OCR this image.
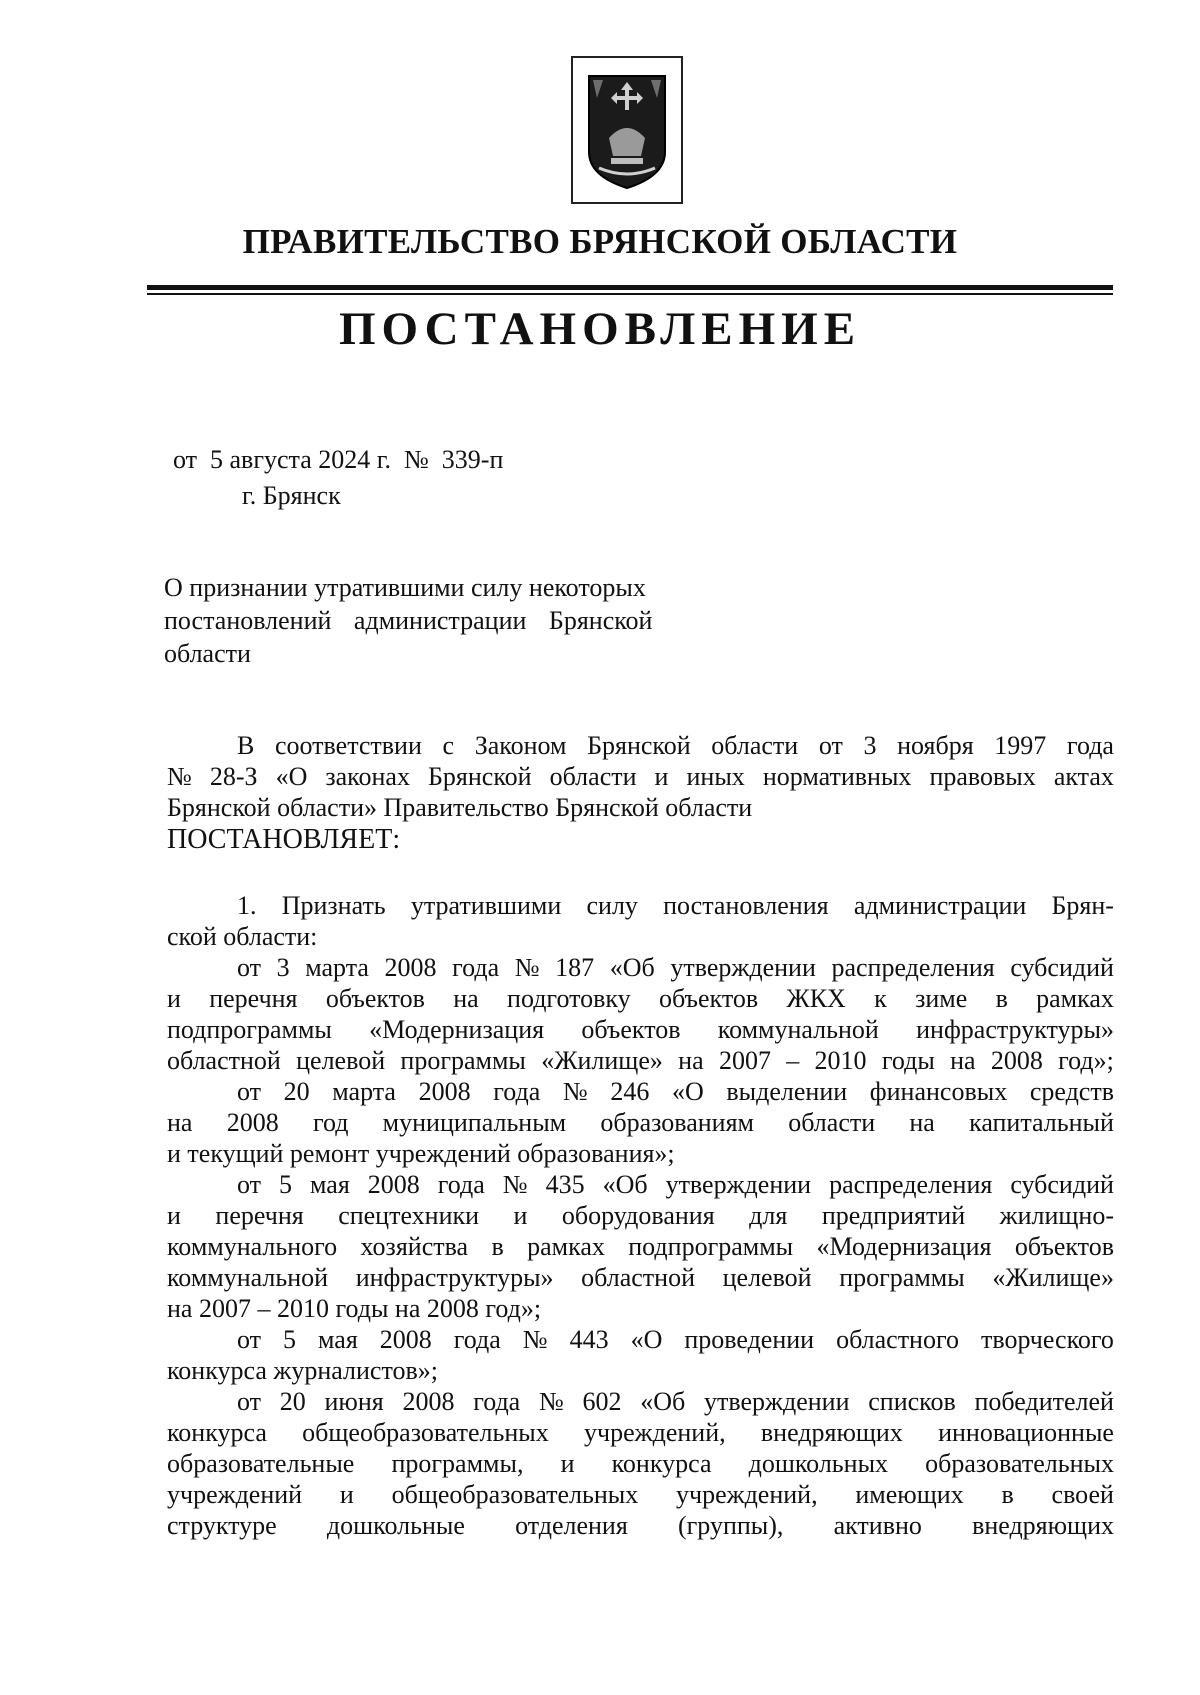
ПРАВИТЕЛЬСТВО БРЯНСКОЙ ОБЛАСТИ
ПОСТАНОВЛЕНИЕ
от  5 августа 2024 г.  №  339-п
г. Брянск
О признании утратившими силу некоторых
постановлений администрации Брянской
области
В соответствии с Законом Брянской области от 3 ноября 1997 года
№ 28-З «О законах Брянской области и иных нормативных правовых актах
Брянской области» Правительство Брянской области
ПОСТАНОВЛЯЕТ:
1. Признать утратившими силу постановления администрации Брян-
ской области:
от 3 марта 2008 года № 187 «Об утверждении распределения субсидий
и перечня объектов на подготовку объектов ЖКХ к зиме в рамках
подпрограммы «Модернизация объектов коммунальной инфраструктуры»
областной целевой программы «Жилище» на 2007 – 2010 годы на 2008 год»;
от 20 марта 2008 года № 246 «О выделении финансовых средств
на 2008 год муниципальным образованиям области на капитальный
и текущий ремонт учреждений образования»;
от 5 мая 2008 года № 435 «Об утверждении распределения субсидий
и перечня спецтехники и оборудования для предприятий жилищно-
коммунального хозяйства в рамках подпрограммы «Модернизация объектов
коммунальной инфраструктуры» областной целевой программы «Жилище»
на 2007 – 2010 годы на 2008 год»;
от 5 мая 2008 года № 443 «О проведении областного творческого
конкурса журналистов»;
от 20 июня 2008 года № 602 «Об утверждении списков победителей
конкурса общеобразовательных учреждений, внедряющих инновационные
образовательные программы, и конкурса дошкольных образовательных
учреждений и общеобразовательных учреждений, имеющих в своей
структуре дошкольные отделения (группы), активно внедряющих
